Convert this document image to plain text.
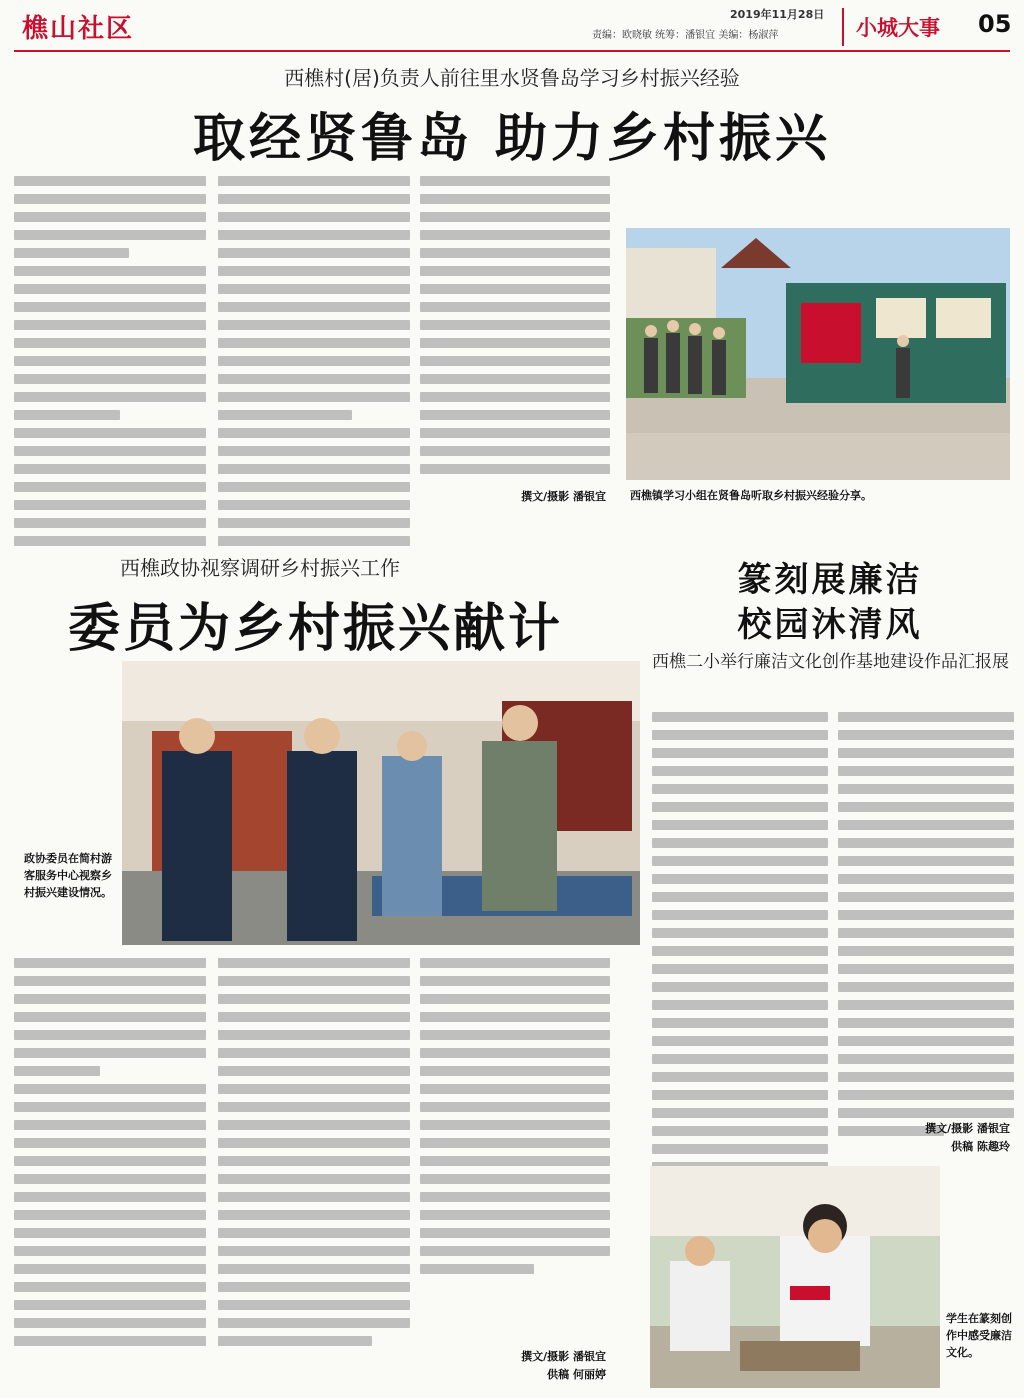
樵山社区	2019年11月28日
责编：欧晓敏 统筹：潘银宜 美编：杨淑萍	小城大事 05
西樵村(居)负责人前往里水贤鲁岛学习乡村振兴经验
取经贤鲁岛 助力乡村振兴
撰文/摄影 潘银宜 西樵镇学习小组在贤鲁岛听取乡村振兴经验分享。
西樵政协视察调研乡村振兴工作
委员为乡村振兴献计
政协委员在简村游客服务中心视察乡村振兴建设情况。
撰文/摄影 潘银宜
供稿 何丽婷
篆刻展廉洁
校园沐清风
西樵二小举行廉洁文化创作基地建设作品汇报展
撰文/摄影 潘银宜
供稿 陈趣玲
学生在篆刻创作中感受廉洁文化。
